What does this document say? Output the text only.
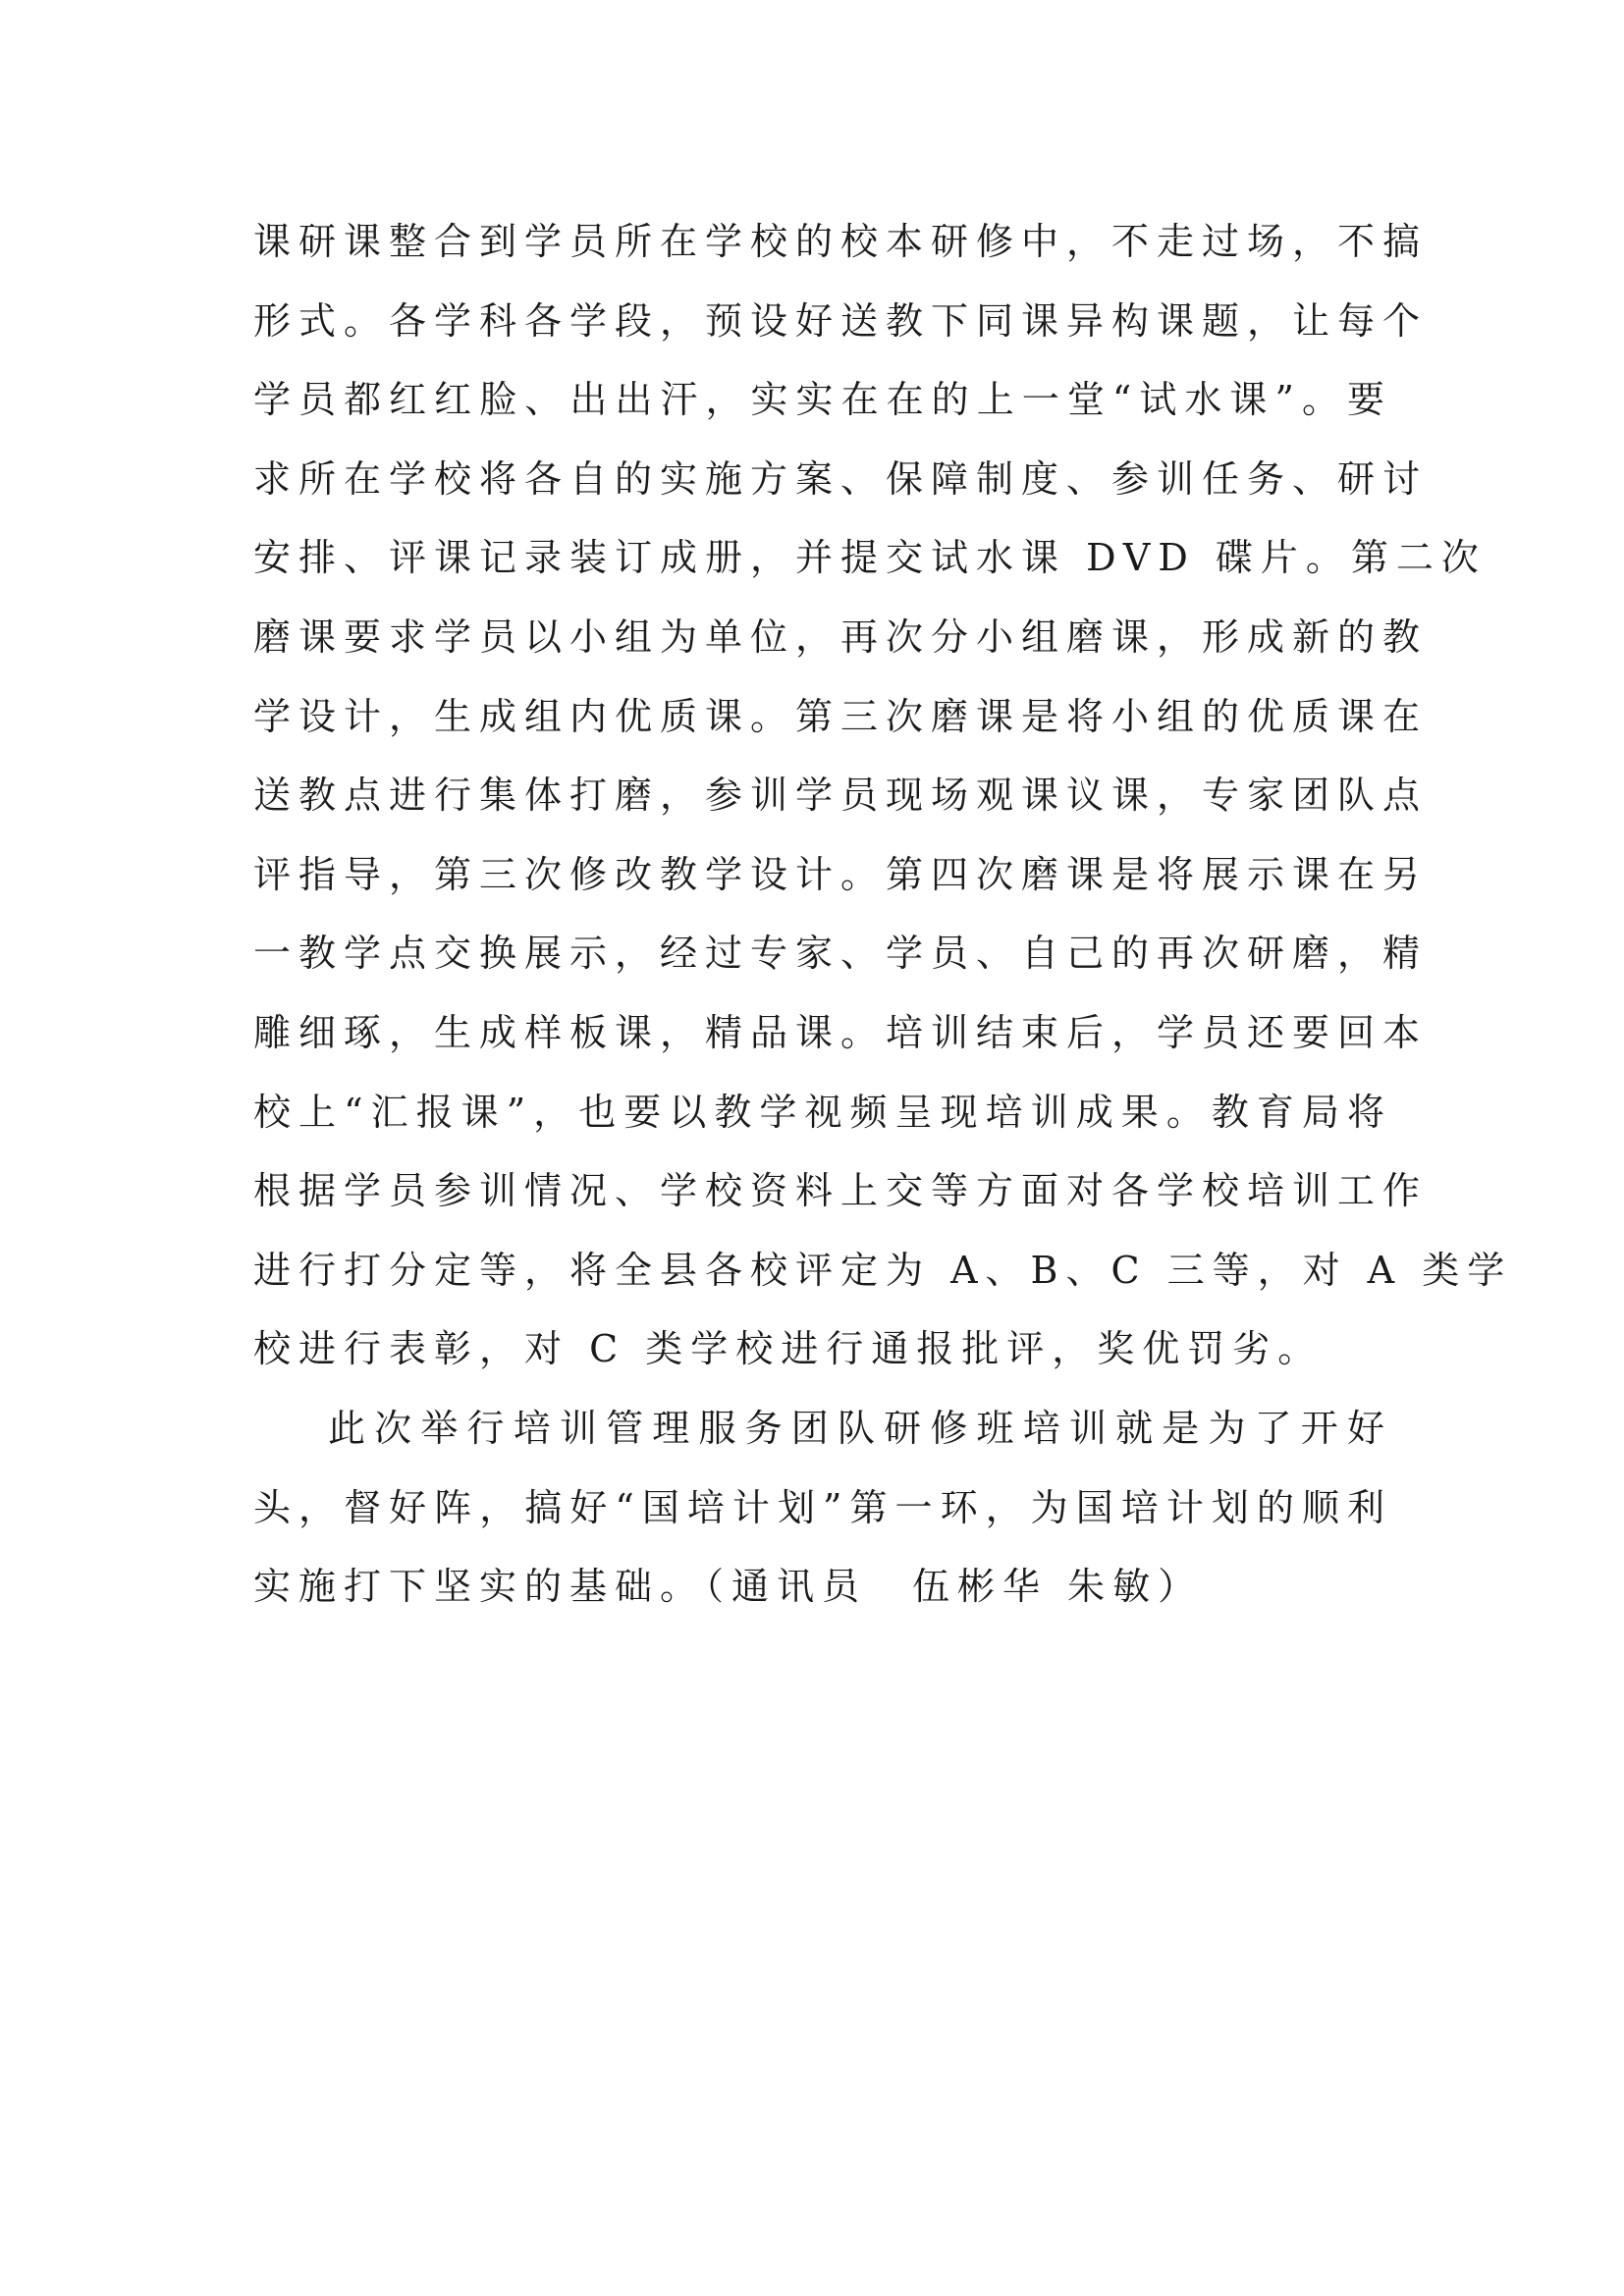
课研课整合到学员所在学校的校本研修中，不走过场，不搞
形式。各学科各学段，预设好送教下同课异构课题，让每个
学员都红红脸、出出汗，实实在在的上一堂“试水课”。要
求所在学校将各自的实施方案、保障制度、参训任务、研讨
安排、评课记录装订成册，并提交试水课 DVD 碟片。第二次
磨课要求学员以小组为单位，再次分小组磨课，形成新的教
学设计，生成组内优质课。第三次磨课是将小组的优质课在
送教点进行集体打磨，参训学员现场观课议课，专家团队点
评指导，第三次修改教学设计。第四次磨课是将展示课在另
一教学点交换展示，经过专家、学员、自己的再次研磨，精
雕细琢，生成样板课，精品课。培训结束后，学员还要回本
校上“汇报课”，也要以教学视频呈现培训成果。教育局将
根据学员参训情况、学校资料上交等方面对各学校培训工作
进行打分定等，将全县各校评定为 A、B、C 三等，对 A 类学
校进行表彰，对 C 类学校进行通报批评，奖优罚劣。
此次举行培训管理服务团队研修班培训就是为了开好
头，督好阵，搞好“国培计划”第一环，为国培计划的顺利
实施打下坚实的基础。（通讯员　伍彬华 朱敏）
